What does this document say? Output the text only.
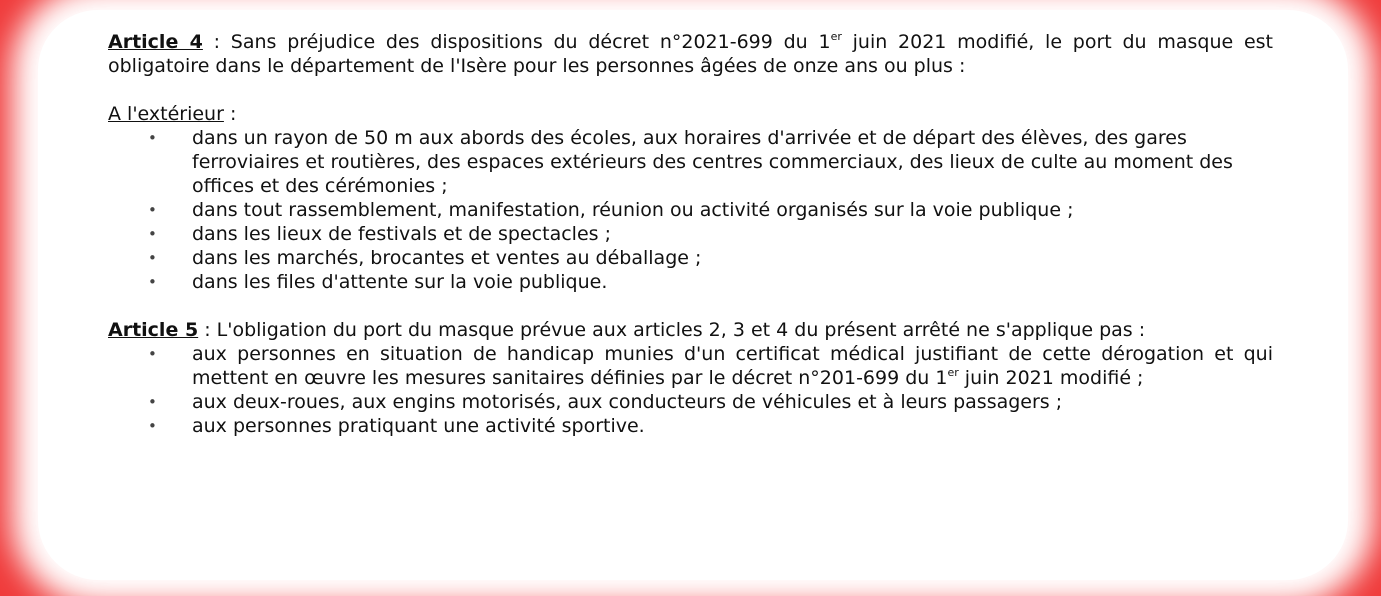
Article 4 : Sans préjudice des dispositions du décret n°2021-699 du 1er juin 2021 modifié, le port du masque est obligatoire dans le département de l'Isère pour les personnes âgées de onze ans ou plus :

A l'extérieur :

• dans un rayon de 50 m aux abords des écoles, aux horaires d'arrivée et de départ des élèves, des gares ferroviaires et routières, des espaces extérieurs des centres commerciaux, des lieux de culte au moment des offices et des cérémonies ;
• dans tout rassemblement, manifestation, réunion ou activité organisés sur la voie publique ;
• dans les lieux de festivals et de spectacles ;
• dans les marchés, brocantes et ventes au déballage ;
• dans les files d'attente sur la voie publique.

Article 5 : L'obligation du port du masque prévue aux articles 2, 3 et 4 du présent arrêté ne s'applique pas :

• aux personnes en situation de handicap munies d'un certificat médical justifiant de cette dérogation et qui mettent en œuvre les mesures sanitaires définies par le décret n°201-699 du 1er juin 2021 modifié ;
• aux deux-roues, aux engins motorisés, aux conducteurs de véhicules et à leurs passagers ;
• aux personnes pratiquant une activité sportive.
